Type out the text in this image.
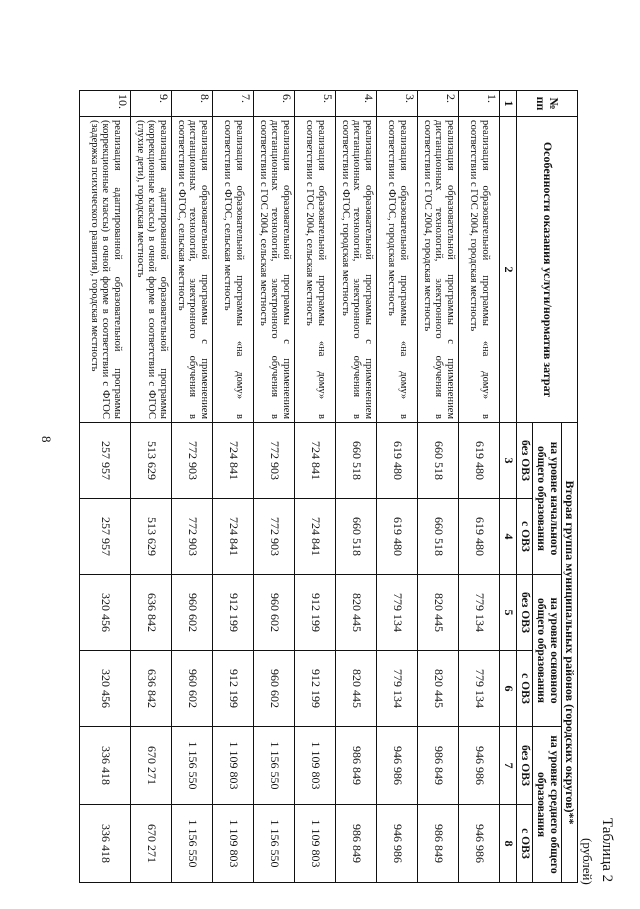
8
Таблица 2
(рублей)
№ пп	Особенности оказания услуги/норматив затрат	Вторая группа муниципальных районов (городских округов)**					
		на уровне начального общего образования		на уровне основного общего образования		на уровне среднего общего образования	
		без ОВЗ	с ОВЗ	без ОВЗ	с ОВЗ	без ОВЗ	с ОВЗ
1	2	3	4	5	6	7	8
1.	реализация образовательной программы «на дому» в соответствии с ГОС 2004, городская местность	619 480	619 480	779 134	779 134	946 986	946 986
2.	реализация образовательной программы с применением дистанционных технологий, электронного обучения в соответствии с ГОС 2004, городская местность	660 518	660 518	820 445	820 445	986 849	986 849
3.	реализация образовательной программы «на дому» в соответствии с ФГОС, городская местность	619 480	619 480	779 134	779 134	946 986	946 986
4.	реализация образовательной программы с применением дистанционных технологий, электронного обучения в соответствии с ФГОС, городская местность	660 518	660 518	820 445	820 445	986 849	986 849
5.	реализация образовательной программы «на дому» в соответствии с ГОС 2004, сельская местность	724 841	724 841	912 199	912 199	1 109 803	1 109 803
6.	реализация образовательной программы с применением дистанционных технологий, электронного обучения в соответствии с ГОС 2004, сельская местность	772 903	772 903	960 602	960 602	1 156 550	1 156 550
7.	реализация образовательной программы «на дому» в соответствии с ФГОС, сельская местность	724 841	724 841	912 199	912 199	1 109 803	1 109 803
8.	реализация образовательной программы с применением дистанционных технологий, электронного обучения в соответствии с ФГОС, сельская местность	772 903	772 903	960 602	960 602	1 156 550	1 156 550
9.	реализация адаптированной образовательной программы (коррекционные классы) в очной форме в соответствии с ФГОС (глухие дети), городская местность	513 629	513 629	636 842	636 842	670 271	670 271
10.	реализация адаптированной образовательной программы (коррекционные классы) в очной форме в соответствии с ФГОС (задержка психического развития), городская местность	257 957	257 957	320 456	320 456	336 418	336 418
